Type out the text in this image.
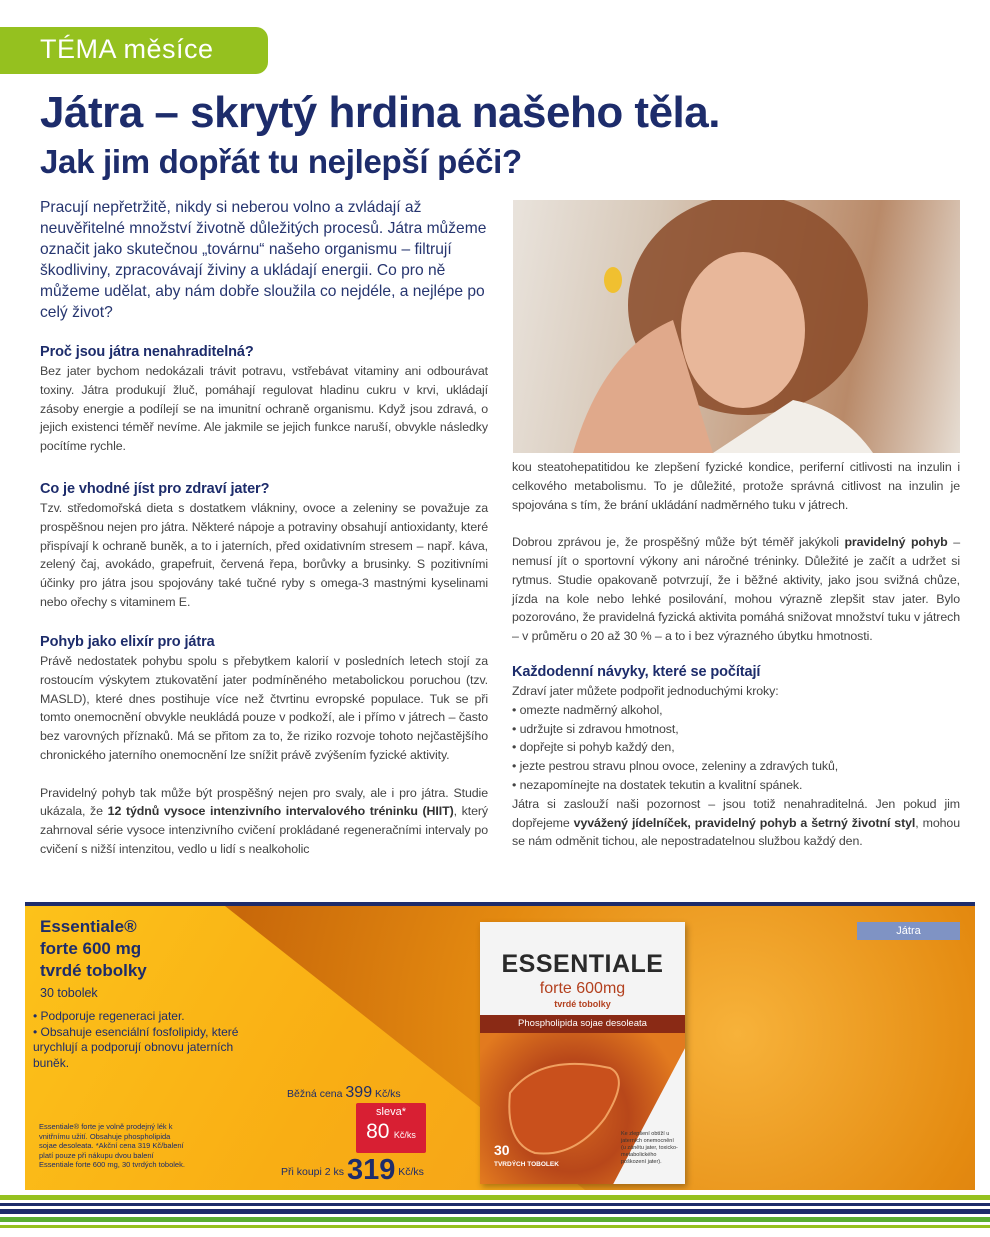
TÉMA měsíce
Játra – skrytý hrdina našeho těla.
Jak jim dopřát tu nejlepší péči?

Pracují nepřetržitě, nikdy si neberou volno a zvládají až neuvěřitelné množství životně důležitých procesů. Játra můžeme označit jako skutečnou „továrnu“ našeho organismu – filtrují škodliviny, zpracovávají živiny a ukládají energii. Co pro ně můžeme udělat, aby nám dobře sloužila co nejdéle, a nejlépe po celý život?

Proč jsou játra nenahraditelná?

Bez jater bychom nedokázali trávit potravu, vstřebávat vitaminy ani odbourávat toxiny. Játra produkují žluč, pomáhají regulovat hladinu cukru v krvi, ukládají zásoby energie a podílejí se na imunitní ochraně organismu. Když jsou zdravá, o jejich existenci téměř nevíme. Ale jakmile se jejich funkce naruší, obvykle následky pocítíme rychle.

Co je vhodné jíst pro zdraví jater?

Tzv. středomořská dieta s dostatkem vlákniny, ovoce a zeleniny se považuje za prospěšnou nejen pro játra. Některé nápoje a potraviny obsahují antioxidanty, které přispívají k ochraně buněk, a to i jaterních, před oxidativním stresem – např. káva, zelený čaj, avokádo, grapefruit, červená řepa, borůvky a brusinky. S pozitivními účinky pro játra jsou spojovány také tučné ryby s omega-3 mastnými kyselinami nebo ořechy s vitaminem E.

Pohyb jako elixír pro játra

Právě nedostatek pohybu spolu s přebytkem kalorií v posledních letech stojí za rostoucím výskytem ztukovatění jater podmíněného metabolickou poruchou (tzv. MASLD), které dnes postihuje více než čtvrtinu evropské populace. Tuk se při tomto onemocnění obvykle neukládá pouze v podkoží, ale i přímo v játrech – často bez varovných příznaků. Má se přitom za to, že riziko rozvoje tohoto nejčastějšího chronického jaterního onemocnění lze snížit právě zvýšením fyzické aktivity.

Pravidelný pohyb tak může být prospěšný nejen pro svaly, ale i pro játra. Studie ukázala, že 12 týdnů vysoce intenzivního intervalového tréninku (HIIT), který zahrnoval série vysoce intenzivního cvičení prokládané regeneračními intervaly po cvičení s nižší intenzitou, vedlo u lidí s nealkoholic

kou steatohepatitidou ke zlepšení fyzické kondice, periferní citlivosti na inzulin i celkového metabolismu. To je důležité, protože správná citlivost na inzulin je spojována s tím, že brání ukládání nadměrného tuku v játrech.

Dobrou zprávou je, že prospěšný může být téměř jakýkoli pravidelný pohyb – nemusí jít o sportovní výkony ani náročné tréninky. Důležité je začít a udržet si rytmus. Studie opakovaně potvrzují, že i běžné aktivity, jako jsou svižná chůze, jízda na kole nebo lehké posilování, mohou výrazně zlepšit stav jater. Bylo pozorováno, že pravidelná fyzická aktivita pomáhá snižovat množství tuku v játrech – v průměru o 20 až 30 % – a to i bez výrazného úbytku hmotnosti.

Každodenní návyky, které se počítají

Zdraví jater můžete podpořit jednoduchými kroky:

• omezte nadměrný alkohol,
• udržujte si zdravou hmotnost,
• dopřejte si pohyb každý den,
• jezte pestrou stravu plnou ovoce, zeleniny a zdravých tuků,
• nezapomínejte na dostatek tekutin a kvalitní spánek.

Játra si zaslouží naši pozornost – jsou totiž nenahraditelná. Jen pokud jim dopřejeme vyvážený jídelníček, pravidelný pohyb a šetrný životní styl, mohou se nám odměnit tichou, ale nepostradatelnou službou každý den.

Essentiale®
forte 600 mg
tvrdé tobolky
30 tobolek
• Podporuje regeneraci jater.
• Obsahuje esenciální fosfolipidy, které urychlují a podporují obnovu jaterních buněk.
Essentiale® forte je volně prodejný lék k vnitřnímu užití. Obsahuje phospholipida sojae desoleata. *Akční cena 319 Kč/balení platí pouze při nákupu dvou balení Essentiale forte 600 mg, 30 tvrdých tobolek.
Běžná cena 399 Kč/ks
sleva*
80 Kč/ks
Při koupi 2 ks 319 Kč/ks
ESSENTIALE
forte 600mg
tvrdé tobolky
Phospholipida sojae desoleata
Ke zlepšení obtíží u jaterních onemocnění (u zánětu jater, toxicko-metabolického poškození jater).
30
TVRDÝCH TOBOLEK
Játra
